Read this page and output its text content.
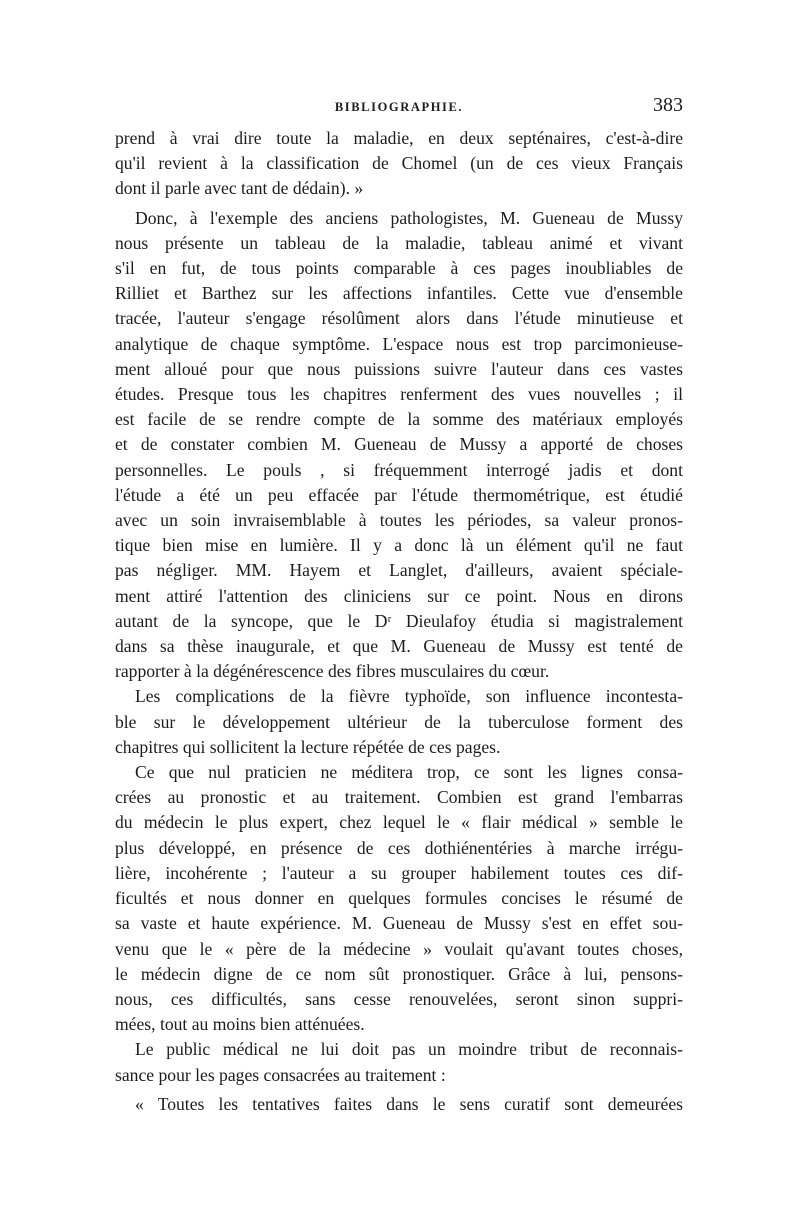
BIBLIOGRAPHIE.	383

prend à vrai dire toute la maladie, en deux septénaires, c'est-à-dire

qu'il revient à la classification de Chomel (un de ces vieux Français

dont il parle avec tant de dédain). »

Donc, à l'exemple des anciens pathologistes, M. Gueneau de Mussy

nous présente un tableau de la maladie, tableau animé et vivant

s'il en fut, de tous points comparable à ces pages inoubliables de

Rilliet et Barthez sur les affections infantiles. Cette vue d'ensemble

tracée, l'auteur s'engage résolûment alors dans l'étude minutieuse et

analytique de chaque symptôme. L'espace nous est trop parcimonieuse-

ment alloué pour que nous puissions suivre l'auteur dans ces vastes

études. Presque tous les chapitres renferment des vues nouvelles ; il

est facile de se rendre compte de la somme des matériaux employés

et de constater combien M. Gueneau de Mussy a apporté de choses

personnelles. Le pouls , si fréquemment interrogé jadis et dont

l'étude a été un peu effacée par l'étude thermométrique, est étudié

avec un soin invraisemblable à toutes les périodes, sa valeur pronos-

tique bien mise en lumière. Il y a donc là un élément qu'il ne faut

pas négliger. MM. Hayem et Langlet, d'ailleurs, avaient spéciale-

ment attiré l'attention des cliniciens sur ce point. Nous en dirons

autant de la syncope, que le Dʳ Dieulafoy étudia si magistralement

dans sa thèse inaugurale, et que M. Gueneau de Mussy est tenté de

rapporter à la dégénérescence des fibres musculaires du cœur.

Les complications de la fièvre typhoïde, son influence incontesta-

ble sur le développement ultérieur de la tuberculose forment des

chapitres qui sollicitent la lecture répétée de ces pages.

Ce que nul praticien ne méditera trop, ce sont les lignes consa-

crées au pronostic et au traitement. Combien est grand l'embarras

du médecin le plus expert, chez lequel le « flair médical » semble le

plus développé, en présence de ces dothiénentéries à marche irrégu-

lière, incohérente ; l'auteur a su grouper habilement toutes ces dif-

ficultés et nous donner en quelques formules concises le résumé de

sa vaste et haute expérience. M. Gueneau de Mussy s'est en effet sou-

venu que le « père de la médecine » voulait qu'avant toutes choses,

le médecin digne de ce nom sût pronostiquer. Grâce à lui, pensons-

nous, ces difficultés, sans cesse renouvelées, seront sinon suppri-

mées, tout au moins bien atténuées.

Le public médical ne lui doit pas un moindre tribut de reconnais-

sance pour les pages consacrées au traitement :

« Toutes les tentatives faites dans le sens curatif sont demeurées
